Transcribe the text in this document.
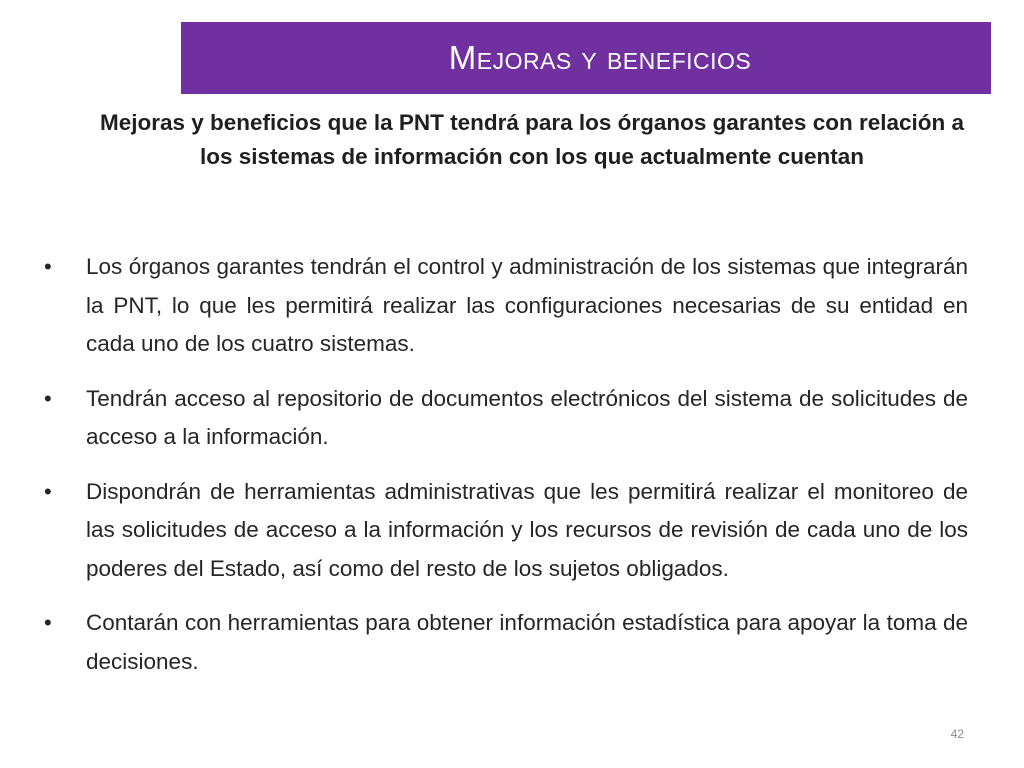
Mejoras y beneficios
Mejoras y beneficios que la PNT tendrá para los órganos garantes con relación a los sistemas de información con los que actualmente cuentan
•	Los órganos garantes tendrán el control y administración de los sistemas que integrarán la PNT, lo que les permitirá realizar las configuraciones necesarias de su entidad en cada uno de los cuatro sistemas.
•	Tendrán acceso al repositorio de documentos electrónicos del sistema de solicitudes de acceso a la información.
•	Dispondrán de herramientas administrativas que les permitirá realizar el monitoreo de las solicitudes de acceso a la información y los recursos de revisión de cada uno de los poderes del Estado, así como del resto de los sujetos obligados.
•	Contarán con herramientas para obtener información estadística para apoyar la toma de decisiones.
42
